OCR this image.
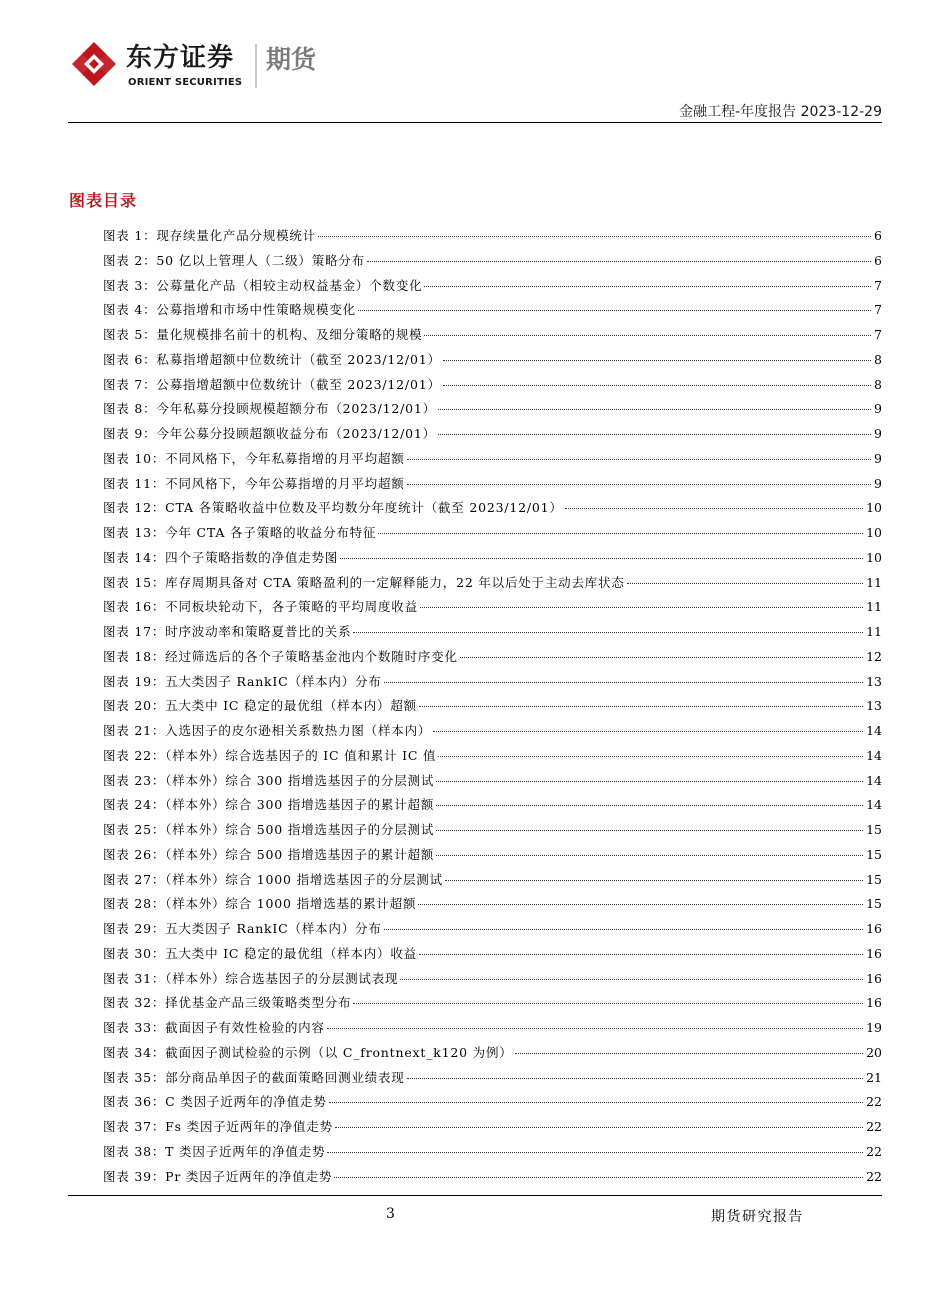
东方证券
ORIENT SECURITIES
期货
金融工程-年度报告 2023-12-29
图表目录
图表 1：现存续量化产品分规模统计	6
图表 2：50 亿以上管理人（二级）策略分布	6
图表 3：公募量化产品（相较主动权益基金）个数变化	7
图表 4：公募指增和市场中性策略规模变化	7
图表 5：量化规模排名前十的机构、及细分策略的规模	7
图表 6：私募指增超额中位数统计（截至 2023/12/01）	8
图表 7：公募指增超额中位数统计（截至 2023/12/01）	8
图表 8：今年私募分投顾规模超额分布（2023/12/01）	9
图表 9：今年公募分投顾超额收益分布（2023/12/01）	9
图表 10：不同风格下，今年私募指增的月平均超额	9
图表 11：不同风格下，今年公募指增的月平均超额	9
图表 12：CTA 各策略收益中位数及平均数分年度统计（截至 2023/12/01）	10
图表 13：今年 CTA 各子策略的收益分布特征	10
图表 14：四个子策略指数的净值走势图	10
图表 15：库存周期具备对 CTA 策略盈利的一定解释能力，22 年以后处于主动去库状态	11
图表 16：不同板块轮动下，各子策略的平均周度收益	11
图表 17：时序波动率和策略夏普比的关系	11
图表 18：经过筛选后的各个子策略基金池内个数随时序变化	12
图表 19：五大类因子 RankIC（样本内）分布	13
图表 20：五大类中 IC 稳定的最优组（样本内）超额	13
图表 21：入选因子的皮尔逊相关系数热力图（样本内）	14
图表 22：（样本外）综合选基因子的 IC 值和累计 IC 值	14
图表 23：（样本外）综合 300 指增选基因子的分层测试	14
图表 24：（样本外）综合 300 指增选基因子的累计超额	14
图表 25：（样本外）综合 500 指增选基因子的分层测试	15
图表 26：（样本外）综合 500 指增选基因子的累计超额	15
图表 27：（样本外）综合 1000 指增选基因子的分层测试	15
图表 28：（样本外）综合 1000 指增选基的累计超额	15
图表 29：五大类因子 RankIC（样本内）分布	16
图表 30：五大类中 IC 稳定的最优组（样本内）收益	16
图表 31：（样本外）综合选基因子的分层测试表现	16
图表 32：择优基金产品三级策略类型分布	16
图表 33：截面因子有效性检验的内容	19
图表 34：截面因子测试检验的示例（以 C_frontnext_k120 为例）	20
图表 35：部分商品单因子的截面策略回测业绩表现	21
图表 36：C 类因子近两年的净值走势	22
图表 37：Fs 类因子近两年的净值走势	22
图表 38：T 类因子近两年的净值走势	22
图表 39：Pr 类因子近两年的净值走势	22
3	期货研究报告
